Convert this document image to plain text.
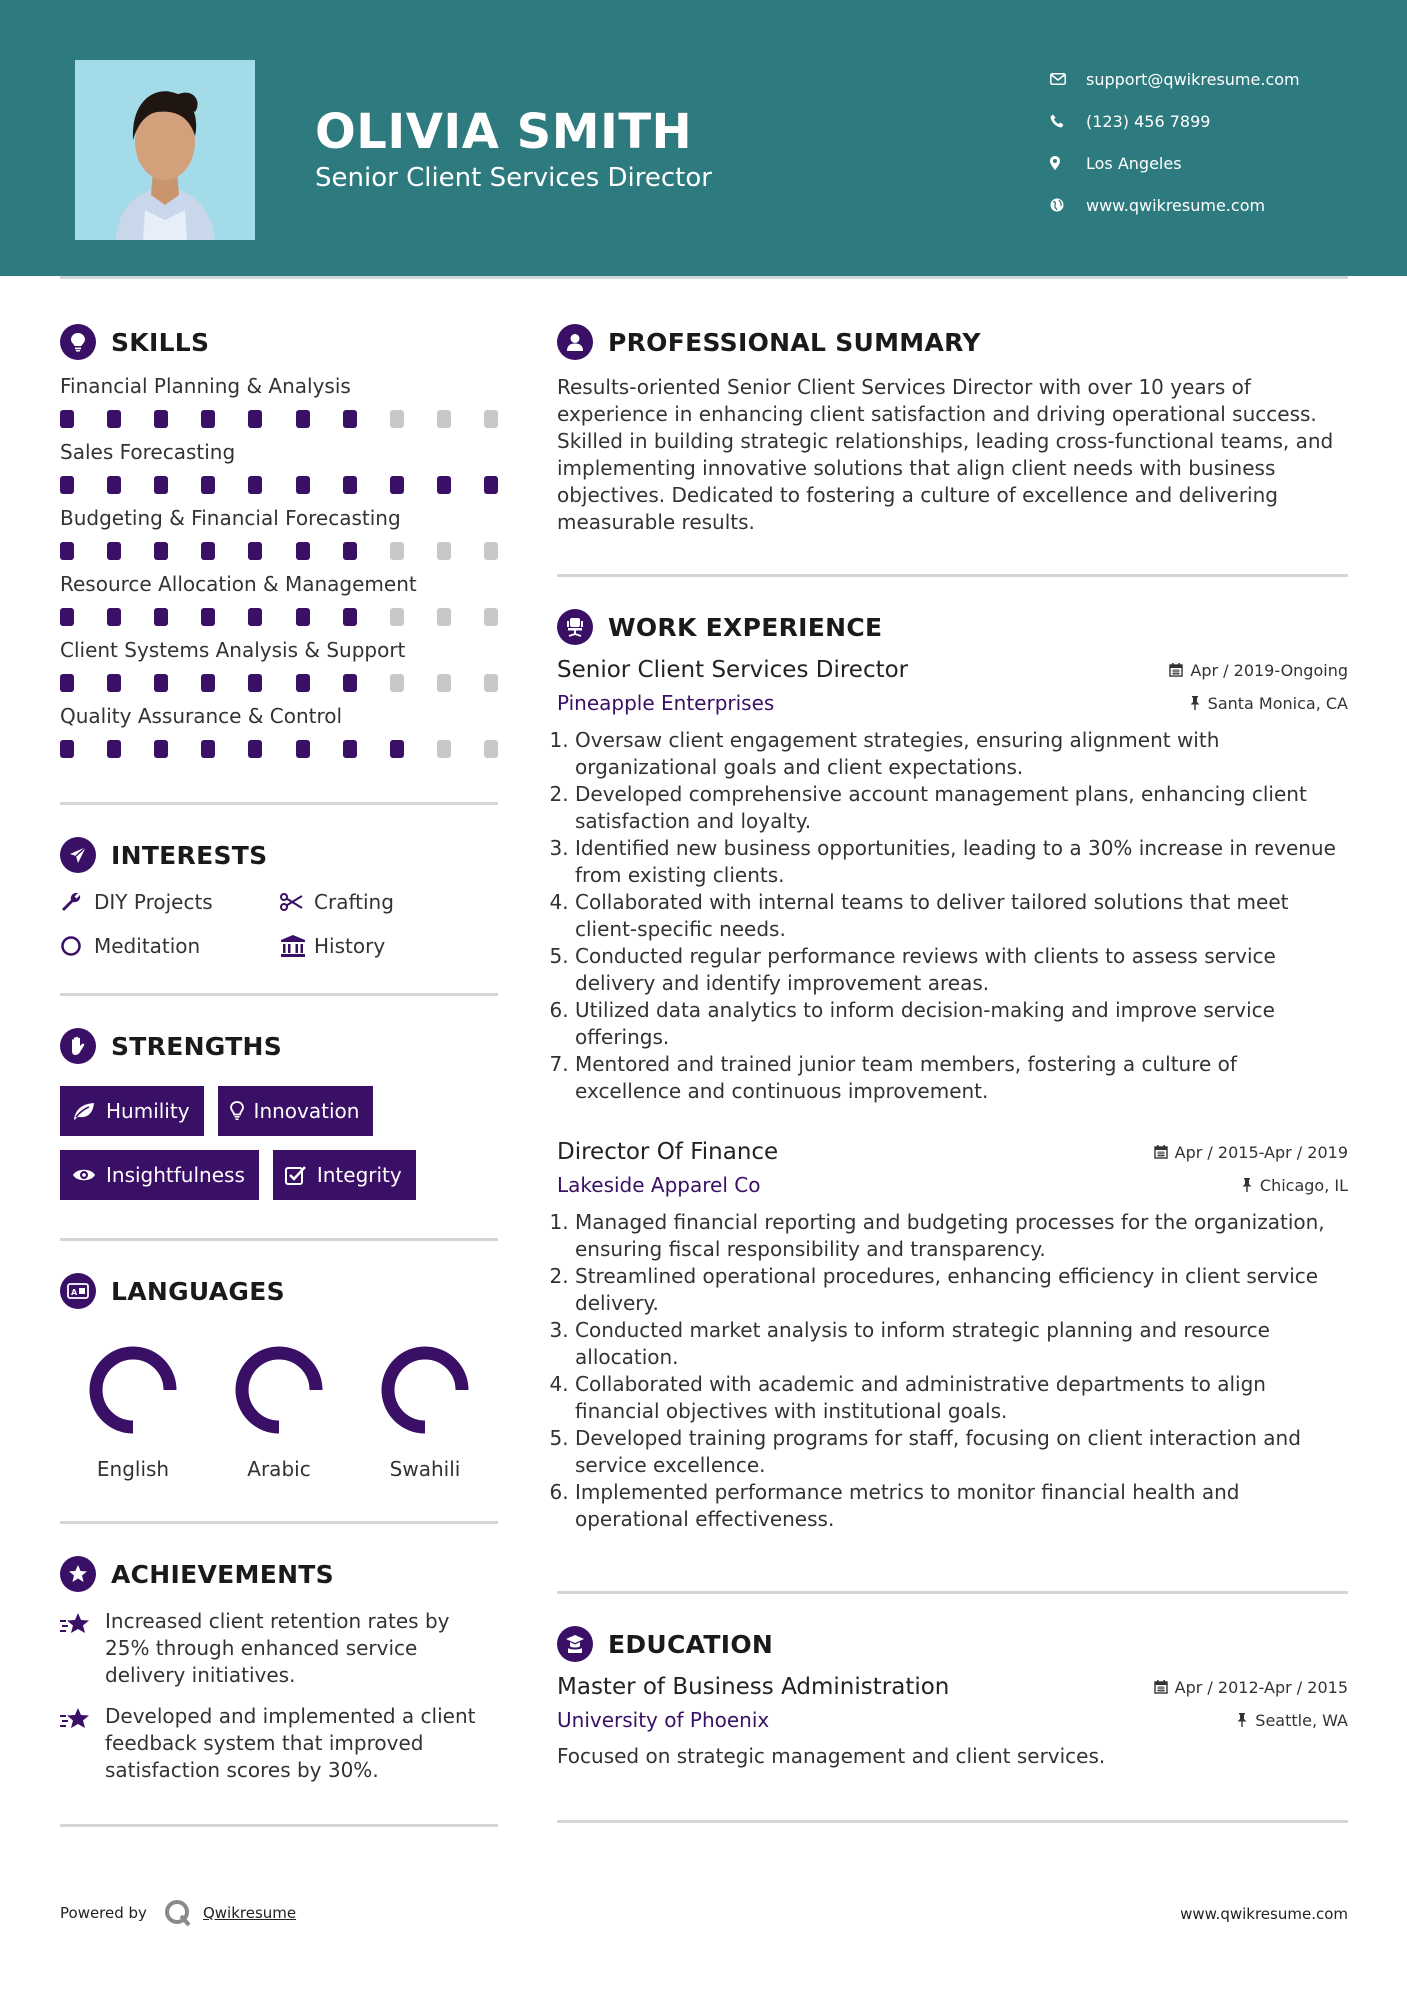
OLIVIA SMITH
Senior Client Services Director
support@qwikresume.com
(123) 456 7899
Los Angeles
www.qwikresume.com
SKILLS
Financial Planning & Analysis
Sales Forecasting
Budgeting & Financial Forecasting
Resource Allocation & Management
Client Systems Analysis & Support
Quality Assurance & Control
INTERESTS
DIY Projects	Crafting
Meditation	History
STRENGTHS
Humility	Innovation
Insightfulness	Integrity
A LANGUAGES
English	Arabic	Swahili
ACHIEVEMENTS
Increased client retention rates by 25% through enhanced service delivery initiatives.
Developed and implemented a client feedback system that improved satisfaction scores by 30%.
PROFESSIONAL SUMMARY

Results-oriented Senior Client Services Director with over 10 years of experience in enhancing client satisfaction and driving operational success. Skilled in building strategic relationships, leading cross-functional teams, and implementing innovative solutions that align client needs with business objectives. Dedicated to fostering a culture of excellence and delivering measurable results.

WORK EXPERIENCE
Senior Client Services Director	Apr / 2019-Ongoing
Pineapple Enterprises	Santa Monica, CA
1. Oversaw client engagement strategies, ensuring alignment with organizational goals and client expectations.
2. Developed comprehensive account management plans, enhancing client satisfaction and loyalty.
3. Identified new business opportunities, leading to a 30% increase in revenue from existing clients.
4. Collaborated with internal teams to deliver tailored solutions that meet client-specific needs.
5. Conducted regular performance reviews with clients to assess service delivery and identify improvement areas.
6. Utilized data analytics to inform decision-making and improve service offerings.
7. Mentored and trained junior team members, fostering a culture of excellence and continuous improvement.
Director Of Finance	Apr / 2015-Apr / 2019
Lakeside Apparel Co	Chicago, IL
1. Managed financial reporting and budgeting processes for the organization, ensuring fiscal responsibility and transparency.
2. Streamlined operational procedures, enhancing efficiency in client service delivery.
3. Conducted market analysis to inform strategic planning and resource allocation.
4. Collaborated with academic and administrative departments to align financial objectives with institutional goals.
5. Developed training programs for staff, focusing on client interaction and service excellence.
6. Implemented performance metrics to monitor financial health and operational effectiveness.
EDUCATION
Master of Business Administration	Apr / 2012-Apr / 2015
University of Phoenix	Seattle, WA

Focused on strategic management and client services.

Powered by	Qwikresume	www.qwikresume.com
